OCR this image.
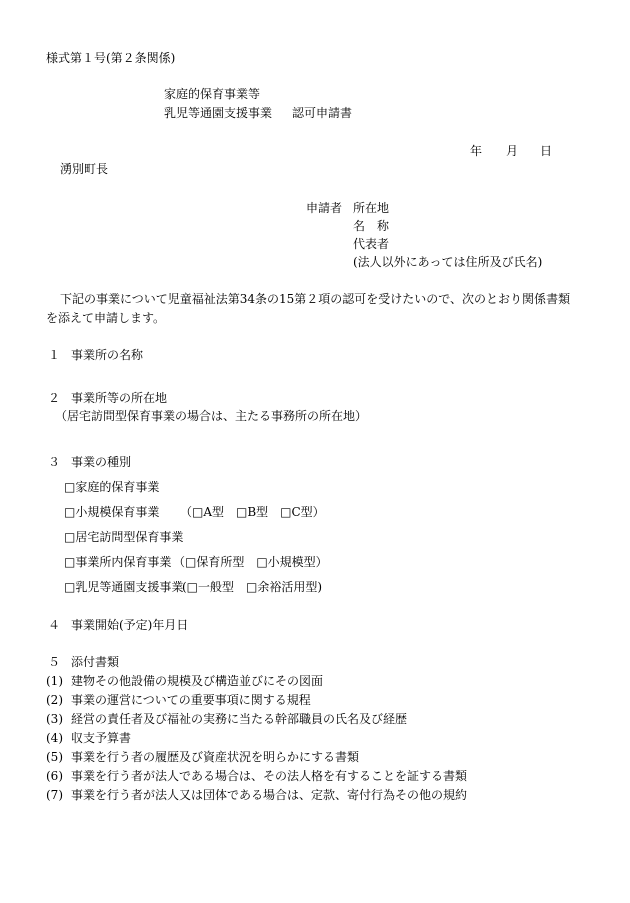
様式第１号(第２条関係)
家庭的保育事業等
乳児等通園支援事業 認可申請書
年 月 日
湧別町長
申請者 所在地
名　称
代表者
(法人以外にあっては住所及び氏名)
下記の事業について児童福祉法第34条の15第２項の認可を受けたいので、次のとおり関係書類
を添えて申請します。
１ 事業所の名称
２ 事業所等の所在地
（居宅訪問型保育事業の場合は、主たる事務所の所在地）
３ 事業の種別
□家庭的保育事業
□小規模保育事業 （□A型　□B型　□C型）
□居宅訪問型保育事業
□事業所内保育事業 （□保育所型　□小規模型）
□乳児等通園支援事業
(□一般型　□余裕活用型)
４ 事業開始(予定)年月日
５ 添付書類
(1) 建物その他設備の規模及び構造並びにその図面
(2) 事業の運営についての重要事項に関する規程
(3) 経営の責任者及び福祉の実務に当たる幹部職員の氏名及び経歴
(4) 収支予算書
(5) 事業を行う者の履歴及び資産状況を明らかにする書類
(6) 事業を行う者が法人である場合は、その法人格を有することを証する書類
(7) 事業を行う者が法人又は団体である場合は、定款、寄付行為その他の規約
